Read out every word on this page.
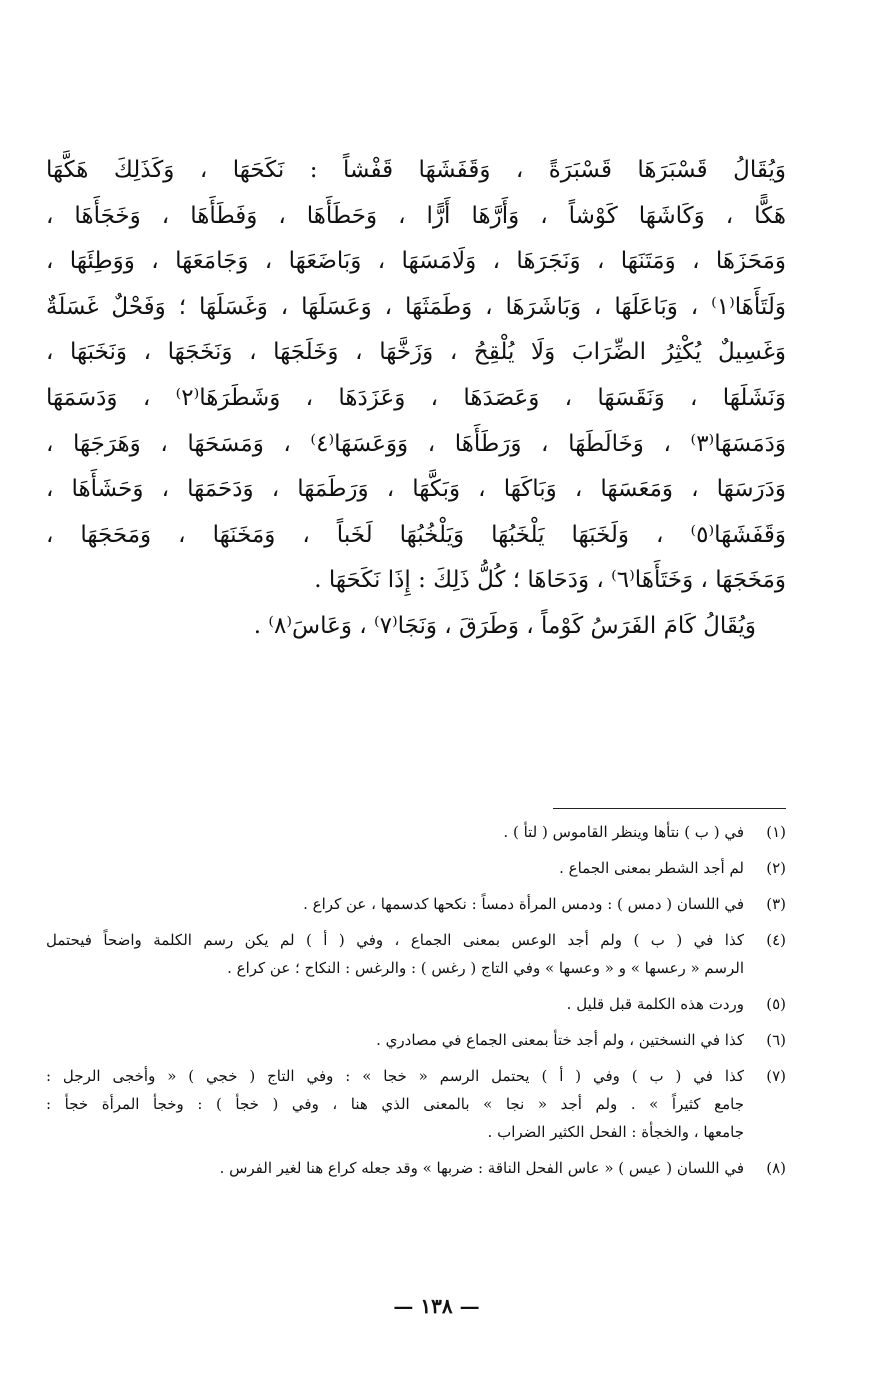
وَيُقَالُ قَسْبَرَهَا قَسْبَرَةً ، وَقَفَشَهَا قَفْشاً : نَكَحَهَا ، وَكَذَلِكَ هَكَّهَا
هَكًّا ، وَكَاشَهَا كَوْشاً ، وَأَرَّهَا أَرًّا ، وَحَطَأَهَا ، وَفَطَأَهَا ، وَخَجَأَهَا ،
وَمَحَزَهَا ، وَمَتَنَهَا ، وَنَجَرَهَا ، وَلَامَسَهَا ، وَبَاضَعَهَا ، وَجَامَعَهَا ، وَوَطِئَهَا ،
وَلَتَأَهَا⁽١⁾ ، وَبَاعَلَهَا ، وَبَاشَرَهَا ، وَطَمَثَهَا ، وَعَسَلَهَا ، وَغَسَلَهَا ؛ وَفَحْلٌ غَسَلَةٌ
وَغَسِيلٌ يُكْثِرُ الضِّرَابَ وَلَا يُلْقِحُ ، وَزَخَّهَا ، وَخَلَجَهَا ، وَنَخَجَهَا ، وَنَخَبَهَا ،
وَنَشَلَهَا ، وَنَقَسَهَا ، وَعَصَدَهَا ، وَعَزَدَهَا ، وَشَطَرَهَا⁽٢⁾ ، وَدَسَمَهَا
وَدَمَسَهَا⁽٣⁾ ، وَخَالَطَهَا ، وَرَطَأَهَا ، وَوَعَسَهَا⁽٤⁾ ، وَمَسَحَهَا ، وَهَرَجَهَا ،
وَدَرَسَهَا ، وَمَعَسَهَا ، وَبَاكَهَا ، وَبَكَّهَا ، وَرَطَمَهَا ، وَدَحَمَهَا ، وَحَشَأَهَا ،
وَقَفَشَهَا⁽٥⁾ ، وَلَخَبَهَا يَلْخَبُهَا وَيَلْخُبُهَا لَخَباً ، وَمَخَنَهَا ، وَمَحَجَهَا ،
وَمَخَجَهَا ، وَخَتَأَهَا⁽٦⁾ ، وَدَحَاهَا ؛ كُلُّ ذَلِكَ : إِذَا نَكَحَهَا .
وَيُقَالُ كَامَ الفَرَسُ كَوْماً ، وَطَرَقَ ، وَنَجَا⁽٧⁾ ، وَعَاسَ⁽٨⁾ .
(١)
في ( ب ) نتأها وينظر القاموس ( لتأ ) .
(٢)
لم أجد الشطر بمعنى الجماع .
(٣)
في اللسان ( دمس ) : ودمس المرأة دمساً : نكحها كدسمها ، عن كراع .
(٤)
كذا في ( ب ) ولم أجد الوعس بمعنى الجماع ، وفي ( أ ) لم يكن رسم الكلمة واضحاً فيحتمل
الرسم « رعسها » و « وعسها » وفي التاج ( رغس ) : والرغس : النكاح ؛ عن كراع .
(٥)
وردت هذه الكلمة قبل قليل .
(٦)
كذا في النسختين ، ولم أجد ختأ بمعنى الجماع في مصادري .
(٧)
كذا في ( ب ) وفي ( أ ) يحتمل الرسم « خجا » : وفي التاج ( خجي ) « وأخجى الرجل :
جامع كثيراً » . ولم أجد « نجا » بالمعنى الذي هنا ، وفي ( خجأ ) : وخجأ المرأة خجأ :
جامعها ، والخجأة : الفحل الكثير الضراب .
(٨)
في اللسان ( عيس ) « عاس الفحل الناقة : ضربها » وقد جعله كراع هنا لغير الفرس .
— ١٣٨ —
